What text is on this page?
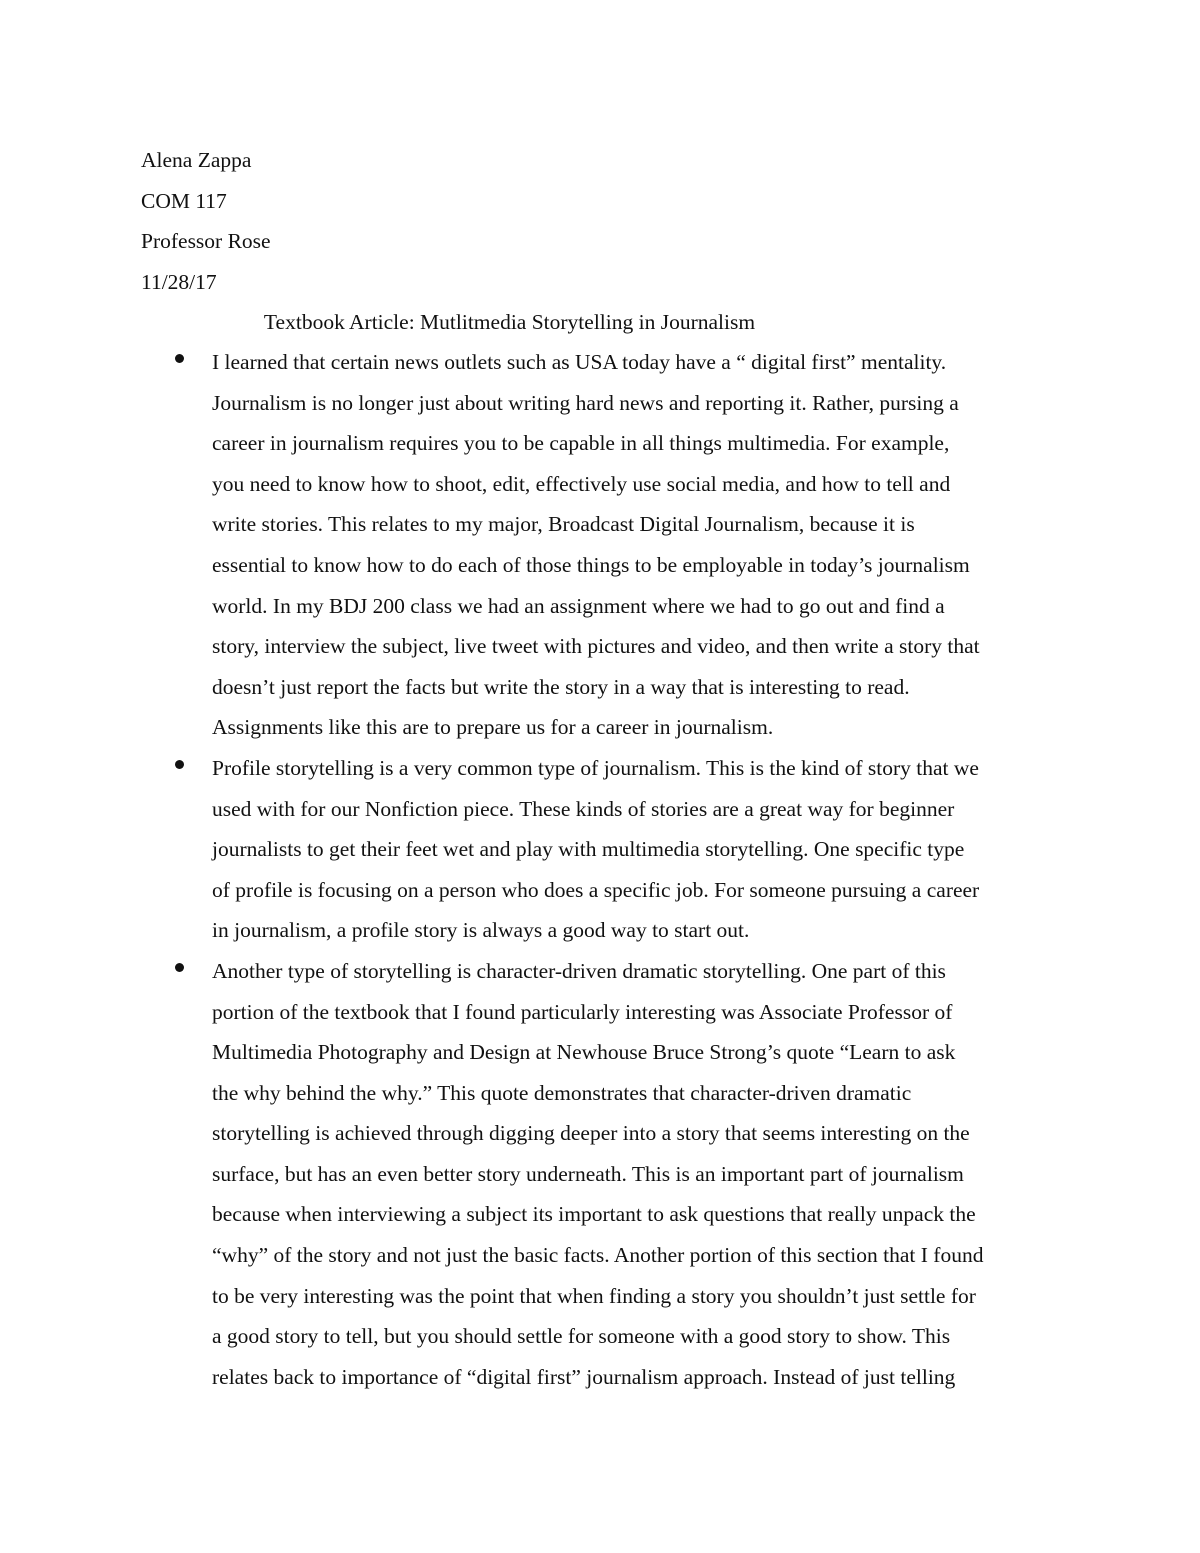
Alena Zappa
COM 117
Professor Rose
11/28/17
Textbook Article: Mutlitmedia Storytelling in Journalism
I learned that certain news outlets such as USA today have a “ digital first” mentality.
Journalism is no longer just about writing hard news and reporting it. Rather, pursing a
career in journalism requires you to be capable in all things multimedia. For example,
you need to know how to shoot, edit, effectively use social media, and how to tell and
write stories. This relates to my major, Broadcast Digital Journalism, because it is
essential to know how to do each of those things to be employable in today’s journalism
world. In my BDJ 200 class we had an assignment where we had to go out and find a
story, interview the subject, live tweet with pictures and video, and then write a story that
doesn’t just report the facts but write the story in a way that is interesting to read.
Assignments like this are to prepare us for a career in journalism.
Profile storytelling is a very common type of journalism. This is the kind of story that we
used with for our Nonfiction piece. These kinds of stories are a great way for beginner
journalists to get their feet wet and play with multimedia storytelling. One specific type
of profile is focusing on a person who does a specific job. For someone pursuing a career
in journalism, a profile story is always a good way to start out.
Another type of storytelling is character-driven dramatic storytelling. One part of this
portion of the textbook that I found particularly interesting was Associate Professor of
Multimedia Photography and Design at Newhouse Bruce Strong’s quote “Learn to ask
the why behind the why.” This quote demonstrates that character-driven dramatic
storytelling is achieved through digging deeper into a story that seems interesting on the
surface, but has an even better story underneath. This is an important part of journalism
because when interviewing a subject its important to ask questions that really unpack the
“why” of the story and not just the basic facts. Another portion of this section that I found
to be very interesting was the point that when finding a story you shouldn’t just settle for
a good story to tell, but you should settle for someone with a good story to show. This
relates back to importance of “digital first” journalism approach. Instead of just telling
